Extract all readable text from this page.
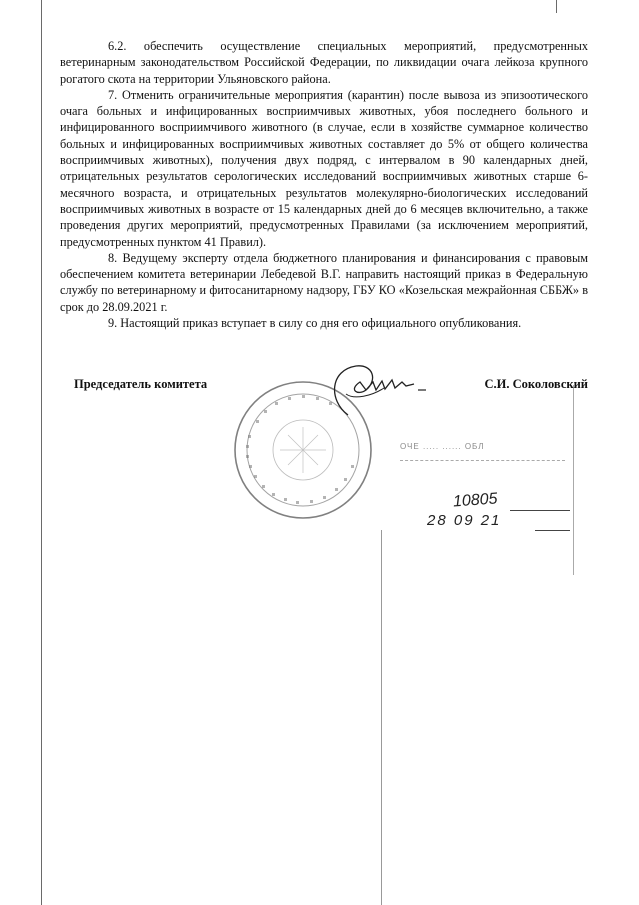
6.2. обеспечить осуществление специальных мероприятий, предусмотренных ветеринарным законодательством Российской Федерации, по ликвидации очага лейкоза крупного рогатого скота на территории Ульяновского района.

7. Отменить ограничительные мероприятия (карантин) после вывоза из эпизоотического очага больных и инфицированных восприимчивых животных, убоя последнего больного и инфицированного восприимчивого животного (в случае, если в хозяйстве суммарное количество больных и инфицированных восприимчивых животных составляет до 5% от общего количества восприимчивых животных), получения двух подряд, с интервалом в 90 календарных дней, отрицательных результатов серологических исследований восприимчивых животных старше 6-месячного возраста, и отрицательных результатов молекулярно-биологических исследований восприимчивых животных в возрасте от 15 календарных дней до 6 месяцев включительно, а также проведения других мероприятий, предусмотренных Правилами (за исключением мероприятий, предусмотренных пунктом 41 Правил).

8. Ведущему эксперту отдела бюджетного планирования и финансирования с правовым обеспечением комитета ветеринарии Лебедевой В.Г. направить настоящий приказ в Федеральную службу по ветеринарному и фитосанитарному надзору, ГБУ КО «Козельская межрайонная СББЖ» в срок до 28.09.2021 г.

9. Настоящий приказ вступает в силу со дня его официального опубликования.

Председатель комитета	С.И. Соколовский
ОЧЕ ..... ...... ОБЛ
10805
28 09 21
